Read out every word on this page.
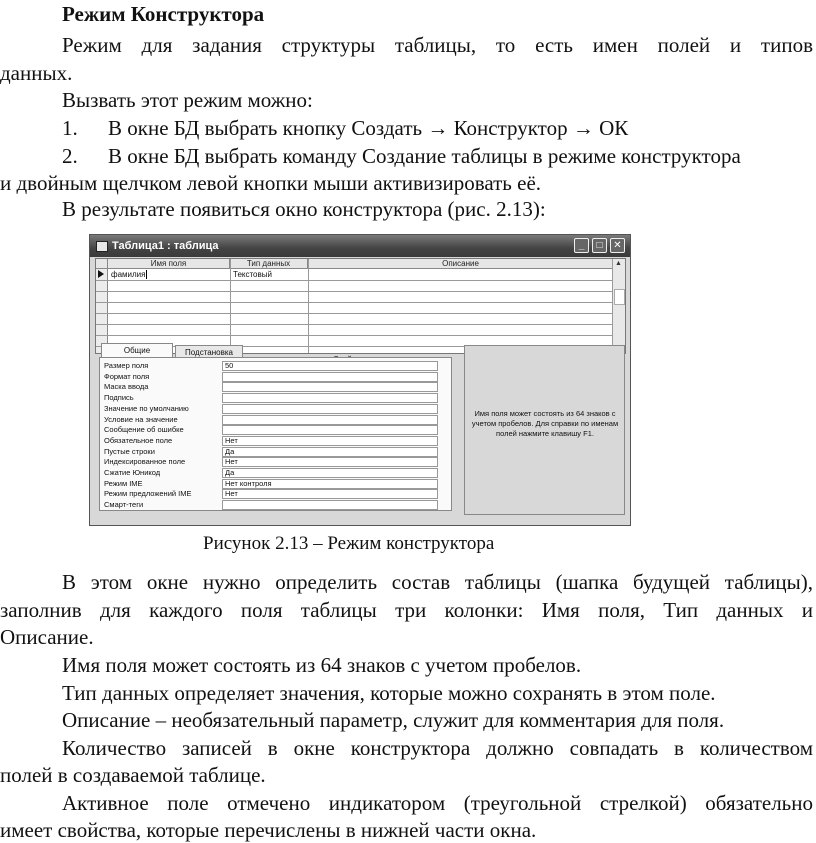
Режим Конструктора
Режим для задания структуры таблицы, то есть имен полей и типов
данных.
Вызвать этот режим можно:
1. В окне БД выбрать кнопку Создать → Конструктор → ОК
2. В окне БД выбрать команду Создание таблицы в режиме конструктора
и двойным щелчком левой кнопки мыши активизировать её.
В результате появиться окно конструктора (рис. 2.13):
Таблица1 : таблица	_	□	✕
Имя поля	Тип данных	Описание
фамилия	Текстовый
▲
Общие	Подстановка
Размер поля	50
Формат поля
Маска ввода
Подпись
Значение по умолчанию
Условие на значение
Сообщение об ошибке
Обязательное поле	Нет
Пустые строки	Да
Индексированное поле	Нет
Сжатие Юникод	Да
Режим IME	Нет контроля
Режим предложений IME	Нет
Смарт-теги
Имя поля может состоять из 64 знаков с учетом пробелов. Для справки по именам полей нажмите клавишу F1.
Рисунок 2.13 – Режим конструктора
В этом окне нужно определить состав таблицы (шапка будущей таблицы),
заполнив для каждого поля таблицы три колонки: Имя поля, Тип данных и
Описание.
Имя поля может состоять из 64 знаков с учетом пробелов.
Тип данных определяет значения, которые можно сохранять в этом поле.
Описание – необязательный параметр, служит для комментария для поля.
Количество записей в окне конструктора должно совпадать в количеством
полей в создаваемой таблице.
Активное поле отмечено индикатором (треугольной стрелкой) обязательно
имеет свойства, которые перечислены в нижней части окна.
